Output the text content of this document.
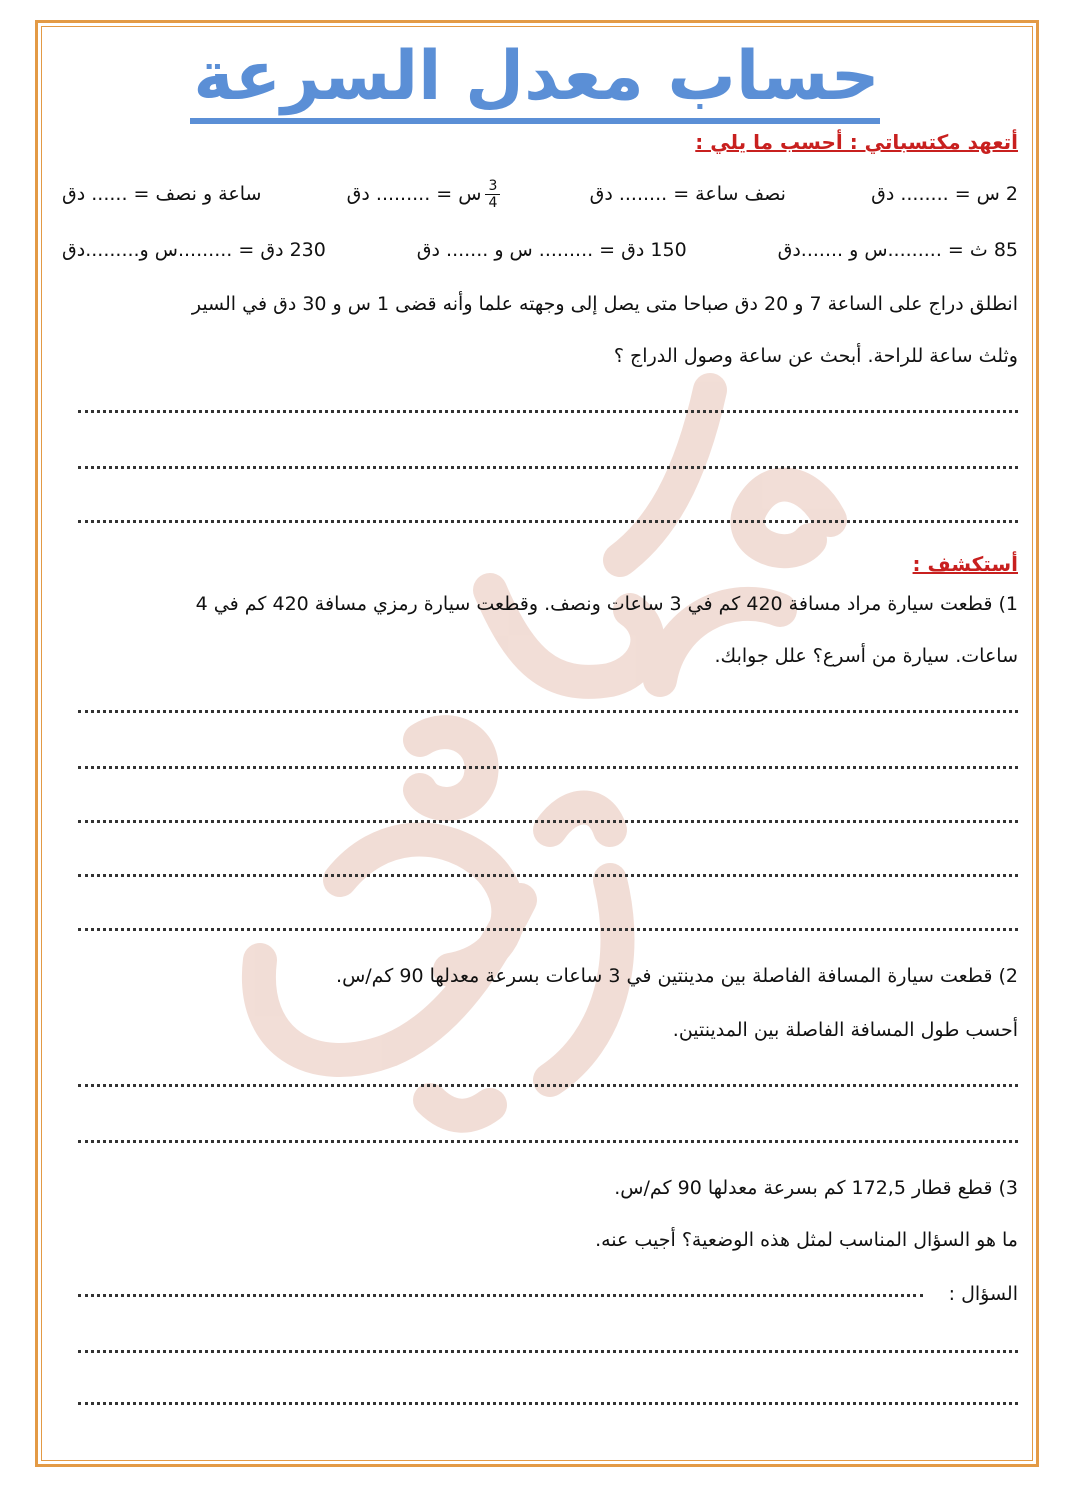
أسماء رجب
حساب معدل السرعة
أتعهد مكتسباتي : أحسب ما يلي :
2 س = ........ دق
نصف ساعة = ........ دق
$\frac{3}{4}$
س = ......... دق
ساعة و نصف = ...... دق
85 ث = .........س و .......دق
150 دق = ......... س و ....... دق
230 دق = .........س و.........دق
انطلق دراج على الساعة 7 و 20 دق صباحا متى يصل إلى وجهته علما وأنه قضى 1 س و 30 دق في السير
وثلث ساعة للراحة. أبحث عن ساعة وصول الدراج ؟
أستكشف :
1) قطعت سيارة مراد مسافة 420 كم في 3 ساعات ونصف. وقطعت سيارة رمزي مسافة 420 كم في 4
ساعات. سيارة من أسرع؟ علل جوابك.
2) قطعت سيارة المسافة الفاصلة بين مدينتين في 3 ساعات بسرعة معدلها 90 كم/س.
أحسب طول المسافة الفاصلة بين المدينتين.
3) قطع قطار 172,5 كم بسرعة معدلها 90 كم/س.
ما هو السؤال المناسب لمثل هذه الوضعية؟ أجيب عنه.
السؤال :
